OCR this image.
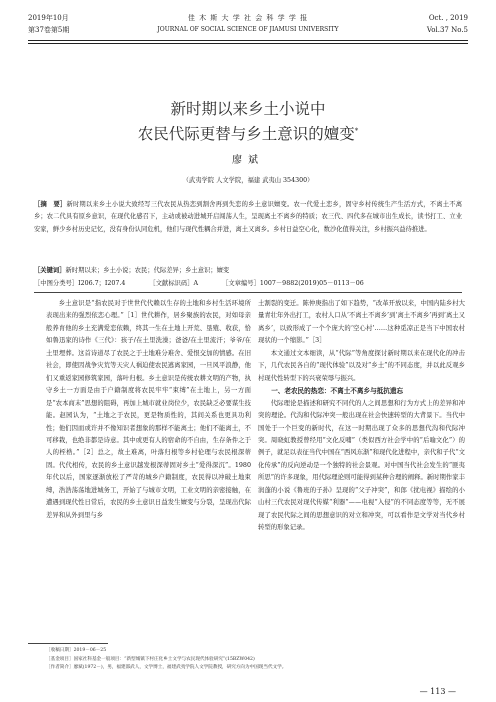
2019年10月
第37卷第5期
佳 木 斯 大 学 社 会 科 学 学 报
JOURNAL OF SOCIAL SCIENCE OF JIAMUSI UNIVERSITY
Oct. , 2019
Vol.37 No.5
新时期以来乡土小说中
农民代际更替与乡土意识的嬗变*
廖斌
（武夷学院 人文学院，福建 武夷山 354300）
［摘　要］新时期以来乡土小说大致经写三代农民从热恋到割舍再到失恋的乡土意识嬗变。农一代爱土恋乡，固守乡村传统生产生活方式，不离土不离乡；农二代具有原乡意识，在现代化感召下，主动或被动进城开启闯荡人生，呈现离土不离乡的特质；农三代、四代多在城市出生成长，读书打工、立业安家，鲜少乡村历史记忆，没有身份认同危机，他们与现代性耦合并进，离土又离乡。乡村日益空心化，数沙化值得关注，乡村振兴益待推进。
［关键词］新时期以来；乡土小说；农民；代际差异；乡土意识；嬗变
［中图分类号］I206.7；I207.4	［文献标识码］A	［文章编号］1007－9882(2019)05－0113－06

乡土意识是“指农民对于世世代代赖以生存的土地和乡村生活环境所表现出来的强烈依恋心理。”［1］世代耕作，居乡聚族的农民，对如母亲般养育他的乡土充满爱恋依赖，终其一生在土地上开荒、垦殖、收获，恰如鲁迅家的诗作《三代》：孩子/在土里洗澡；爸爸/在土里流汗；爷爷/在土里埋葬。这首诗道尽了农民之于土地难分难舍、爱恨交加的情感。在旧社会，即使因战争灾荒等天灾人祸迫使农民逃离家园，一旦风平浪静，他们又重返家园修筑家园，落叶归根。乡土意识是传统农耕文明的产物，执守乡土一方面是由于户籍制度将农民牢牢“束缚”在土地上，另一方面是“农本商末”思想的阻碍，再加上城市就业岗位少，农民缺乏必要谋生技能。赵园认为，“土地之于农民，更是物质性的，其间关系也更具功利性；他们因而或许并不像知识者想象的那样不能离土；他们不能离土，不可移栽，也绝非都是诗意。其中或更有人的宿命的不自由，生存条件之于人的桎梏。”［2］总之，故土难离，叶落归根等乡村伦理与农民根深蒂固。代代相传，农民的乡土意识越发根深蒂固对乡土“爱得深沉”。1980年代以后，国家逐渐放松了严苛的城乡户籍制度，农民得以冲破土地束缚，浩浩荡荡地进城务工，开始了与城市文明，工业文明的亲密接触，在遭遇到现代性日常后，农民的乡土意识日益发生嬗变与分裂，呈现出代际差异和从外到里与乡

土割裂的变迁。陈仲庚指出了如下趋势，“改革开放以来，中国内陆乡村大量青壮年外出打工，农村人口从‘不离土不离乡’到‘离土不离乡’再到‘离土又离乡’，以致形成了一个个庞大的‘空心村’……这种觅凉正是当下中国农村现状的一个缩影。”［3］

本文通过文本细读，从“代际”等角度探讨新时期以来在现代化的冲击下，几代农民各自的“现代体验”以及对“乡土”的不同态度，并以此反观乡村现代性转型下的兴衰荣辱与振兴。

一、老农民的热恋：不离土不离乡与抵抗遗忘

代际理论是描述和研究不同代的人之间思想和行为方式上的差异和冲突的理论。代沟和代际冲突一般出现在社会快速转型的大背景下。当代中国处于一个巨变的新时代，在这一时期出现了众多的思想代沟和代际冲突。周晓虹教授曾经用“文化反哺”（类似西方社会学中的“后喻文化”）的例子，就足以表征当代中国在“西风东渐”和现代化进程中，亲代和子代“文化传承”的反向逆动是一个独特的社会景观。对中国当代社会发生的“匪夷所思”的许多现象，用代际理论则可能得到某种合理的阐释。新时期作家丰润蓬的小说《鲁班的子孙》呈现的“父子冲突”，和郎《扰电视》描绘的小山村三代农民对现代传媒“利器”——电视“入侵”的不同态度等等，无不展现了农民代际之间的思想意识的对立和冲突，可以看作是文学对当代乡村转型的形象记录。

［收稿日期］2019－06－25
［基金项目］国家社科基金一般项目：“新型城镇下村庄化乡土文学与农民现代体验研究”(15BZW042)
［作者简介］廖斌(1972－)，男，福建邵武人，文学博士，福建武夷学院人文学院教授，研究方向为中国现当代文学。
— 113 —
